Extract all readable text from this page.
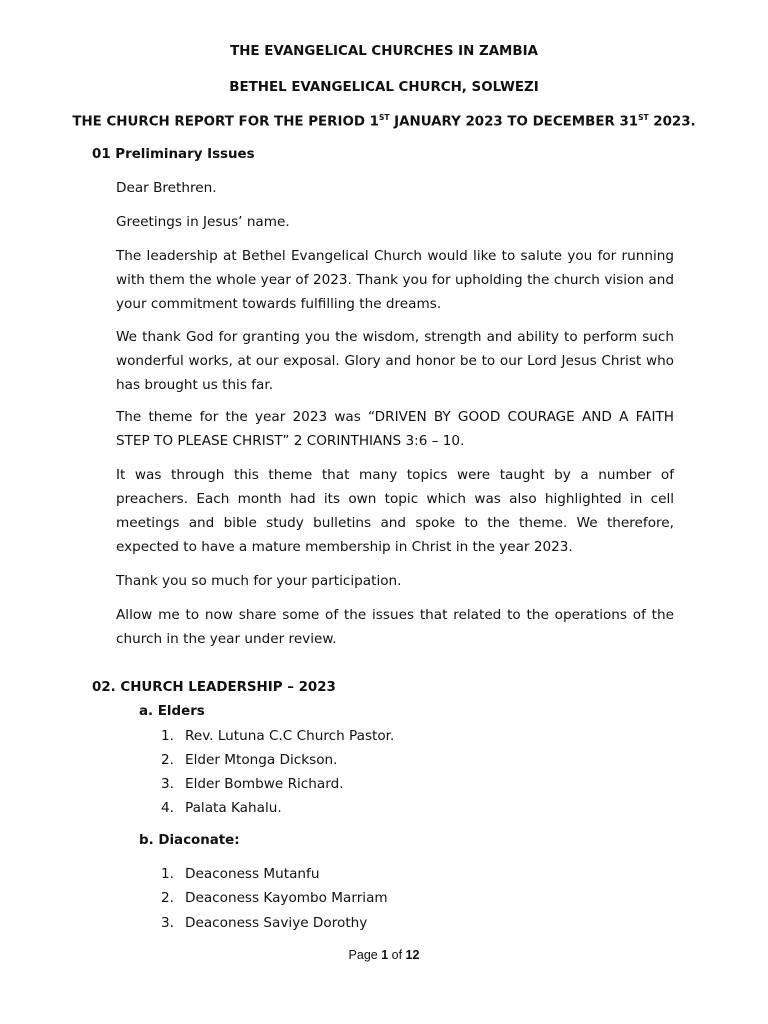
THE EVANGELICAL CHURCHES IN ZAMBIA
BETHEL EVANGELICAL CHURCH, SOLWEZI
THE CHURCH REPORT FOR THE PERIOD 1ST JANUARY 2023 TO DECEMBER 31ST 2023.
01 Preliminary Issues
Dear Brethren.
Greetings in Jesus’ name.
The leadership at Bethel Evangelical Church would like to salute you for running with them the whole year of 2023. Thank you for upholding the church vision and your commitment towards fulfilling the dreams.
We thank God for granting you the wisdom, strength and ability to perform such wonderful works, at our exposal. Glory and honor be to our Lord Jesus Christ who has brought us this far.
The theme for the year 2023 was “DRIVEN BY GOOD COURAGE AND A FAITH STEP TO PLEASE CHRIST” 2 CORINTHIANS 3:6 – 10.
It was through this theme that many topics were taught by a number of preachers. Each month had its own topic which was also highlighted in cell meetings and bible study bulletins and spoke to the theme. We therefore, expected to have a mature membership in Christ in the year 2023.
Thank you so much for your participation.
Allow me to now share some of the issues that related to the operations of the church in the year under review.
02. CHURCH LEADERSHIP – 2023
a. Elders
1. Rev. Lutuna C.C Church Pastor.
2. Elder Mtonga Dickson.
3. Elder Bombwe Richard.
4. Palata Kahalu.
b. Diaconate:
1. Deaconess Mutanfu
2. Deaconess Kayombo Marriam
3. Deaconess Saviye Dorothy
Page 1 of 12
